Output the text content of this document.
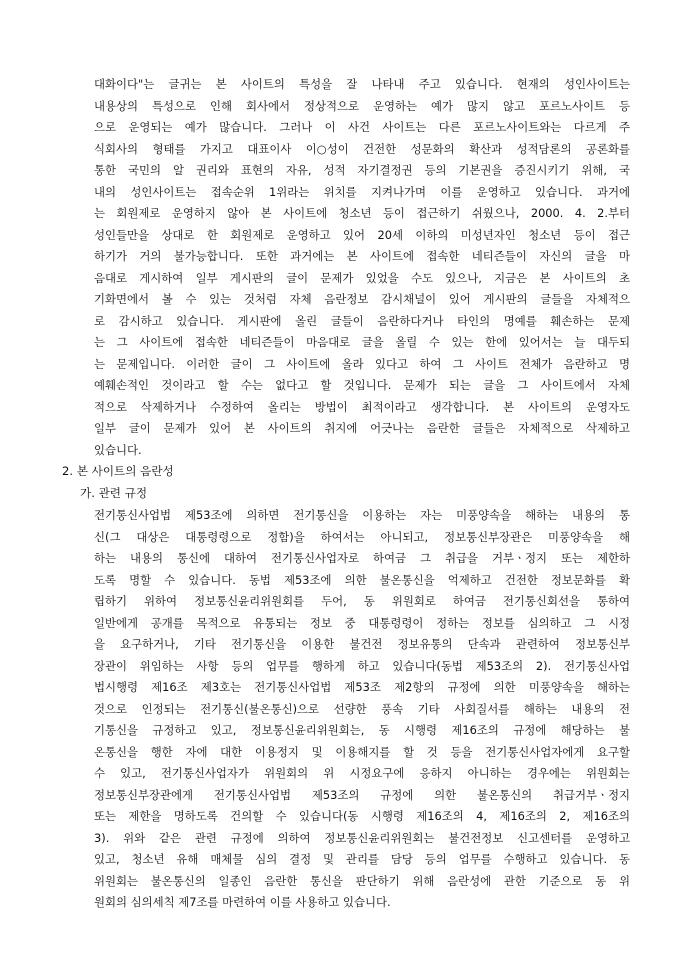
대화이다"는 글귀는 본 사이트의 특성을 잘 나타내 주고 있습니다. 현재의 성인사이트는
내용상의 특성으로 인해 회사에서 정상적으로 운영하는 예가 많지 않고 포르노사이트 등
으로 운영되는 예가 많습니다. 그러나 이 사건 사이트는 다른 포르노사이트와는 다르게 주
식회사의 형태를 가지고 대표이사 이○성이 건전한 성문화의 확산과 성적담론의 공론화를
통한 국민의 알 권리와 표현의 자유, 성적 자기결정권 등의 기본권을 증진시키기 위해, 국
내의 성인사이트는 접속순위 1위라는 위치를 지켜나가며 이를 운영하고 있습니다. 과거에
는 회원제로 운영하지 않아 본 사이트에 청소년 등이 접근하기 쉬웠으나, 2000. 4. 2.부터
성인들만을 상대로 한 회원제로 운영하고 있어 20세 이하의 미성년자인 청소년 등이 접근
하기가 거의 불가능합니다. 또한 과거에는 본 사이트에 접속한 네티즌들이 자신의 글을 마
음대로 게시하여 일부 게시판의 글이 문제가 있었을 수도 있으나, 지금은 본 사이트의 초
기화면에서 볼 수 있는 것처럼 자체 음란정보 감시채널이 있어 게시판의 글들을 자체적으
로 감시하고 있습니다. 게시판에 올린 글들이 음란하다거나 타인의 명예를 훼손하는 문제
는 그 사이트에 접속한 네티즌들이 마음대로 글을 올릴 수 있는 한에 있어서는 늘 대두되
는 문제입니다. 이러한 글이 그 사이트에 올라 있다고 하여 그 사이트 전체가 음란하고 명
예훼손적인 것이라고 할 수는 없다고 할 것입니다. 문제가 되는 글을 그 사이트에서 자체
적으로 삭제하거나 수정하여 올리는 방법이 최적이라고 생각합니다. 본 사이트의 운영자도
일부 글이 문제가 있어 본 사이트의 취지에 어긋나는 음란한 글들은 자체적으로 삭제하고
있습니다.
2. 본 사이트의 음란성
가. 관련 규정
전기통신사업법 제53조에 의하면 전기통신을 이용하는 자는 미풍양속을 해하는 내용의 통
신(그 대상은 대통령령으로 정함)을 하여서는 아니되고, 정보통신부장관은 미풍양속을 해
하는 내용의 통신에 대하여 전기통신사업자로 하여금 그 취급을 거부ㆍ정지 또는 제한하
도록 명할 수 있습니다. 동법 제53조에 의한 불온통신을 억제하고 건전한 정보문화를 확
립하기 위하여 정보통신윤리위원회를 두어, 동 위원회로 하여금 전기통신회선을 통하여
일반에게 공개를 목적으로 유통되는 정보 중 대통령령이 정하는 정보를 심의하고 그 시정
을 요구하거나, 기타 전기통신을 이용한 불건전 정보유통의 단속과 관련하여 정보통신부
장관이 위임하는 사항 등의 업무를 행하게 하고 있습니다(동법 제53조의 2). 전기통신사업
법시행령 제16조 제3호는 전기통신사업법 제53조 제2항의 규정에 의한 미풍양속을 해하는
것으로 인정되는 전기통신(불온통신)으로 선량한 풍속 기타 사회질서를 해하는 내용의 전
기통신을 규정하고 있고, 정보통신윤리위원회는, 동 시행령 제16조의 규정에 해당하는 불
온통신을 행한 자에 대한 이용정지 및 이용해지를 할 것 등을 전기통신사업자에게 요구할
수 있고, 전기통신사업자가 위원회의 위 시정요구에 응하지 아니하는 경우에는 위원회는
정보통신부장관에게 전기통신사업법 제53조의 규정에 의한 불온통신의 취급거부ㆍ정지
또는 제한을 명하도록 건의할 수 있습니다(동 시행령 제16조의 4, 제16조의 2, 제16조의
3). 위와 같은 관련 규정에 의하여 정보통신윤리위원회는 불건전정보 신고센터를 운영하고
있고, 청소년 유해 매체물 심의 결정 및 관리를 담당 등의 업무를 수행하고 있습니다. 동
위원회는 불온통신의 일종인 음란한 통신을 판단하기 위해 음란성에 관한 기준으로 동 위
원회의 심의세칙 제7조를 마련하여 이를 사용하고 있습니다.
